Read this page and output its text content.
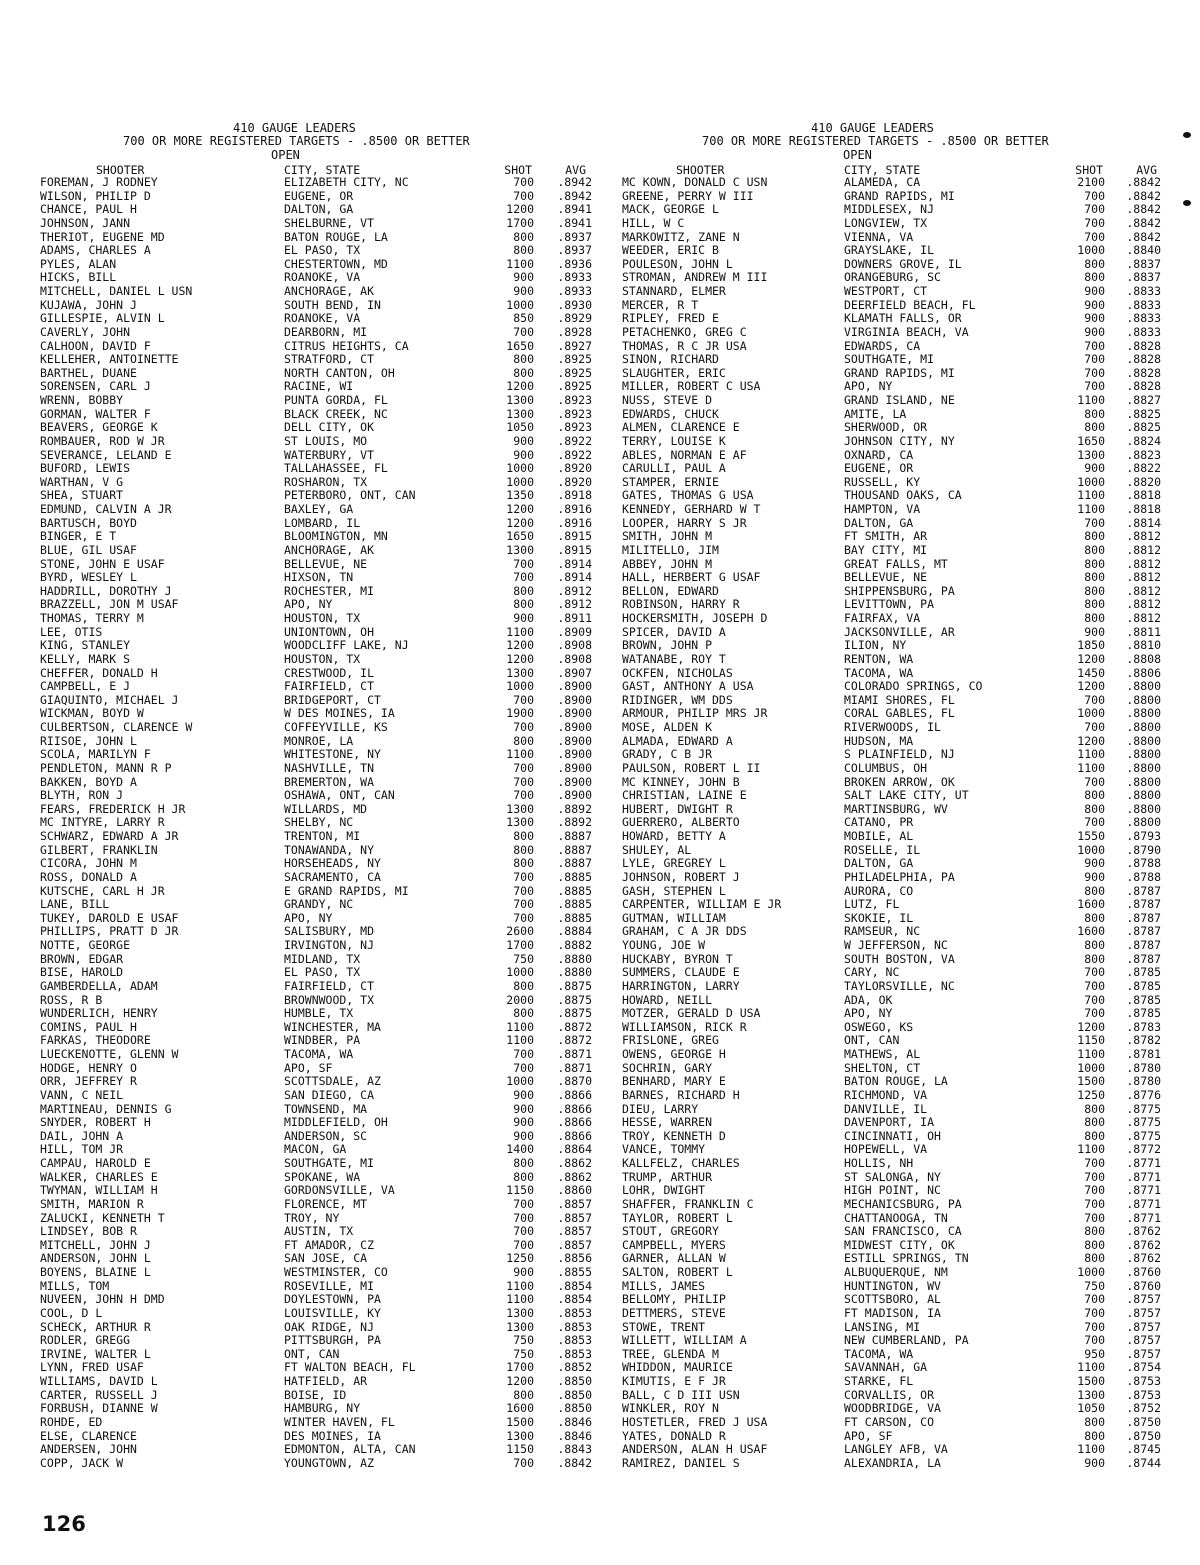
410 GAUGE LEADERS

700 OR MORE REGISTERED TARGETS - .8500 OR BETTER

OPEN

SHOOTER	CITY, STATE	SHOT	AVG
FOREMAN, J RODNEY	ELIZABETH CITY, NC	700 .8942
WILSON, PHILIP D	EUGENE, OR	700 .8942
CHANCE, PAUL H	DALTON, GA	1200 .8941
JOHNSON, JANN	SHELBURNE, VT	1700 .8941
THERIOT, EUGENE MD	BATON ROUGE, LA	800 .8937
ADAMS, CHARLES A	EL PASO, TX	800 .8937
PYLES, ALAN	CHESTERTOWN, MD	1100 .8936
HICKS, BILL	ROANOKE, VA	900 .8933
MITCHELL, DANIEL L USN	ANCHORAGE, AK	900 .8933
KUJAWA, JOHN J	SOUTH BEND, IN	1000 .8930
GILLESPIE, ALVIN L	ROANOKE, VA	850 .8929
CAVERLY, JOHN	DEARBORN, MI	700 .8928
CALHOON, DAVID F	CITRUS HEIGHTS, CA	1650 .8927
KELLEHER, ANTOINETTE	STRATFORD, CT	800 .8925
BARTHEL, DUANE	NORTH CANTON, OH	800 .8925
SORENSEN, CARL J	RACINE, WI	1200 .8925
WRENN, BOBBY	PUNTA GORDA, FL	1300 .8923
GORMAN, WALTER F	BLACK CREEK, NC	1300 .8923
BEAVERS, GEORGE K	DELL CITY, OK	1050 .8923
ROMBAUER, ROD W JR	ST LOUIS, MO	900 .8922
SEVERANCE, LELAND E	WATERBURY, VT	900 .8922
BUFORD, LEWIS	TALLAHASSEE, FL	1000 .8920
WARTHAN, V G	ROSHARON, TX	1000 .8920
SHEA, STUART	PETERBORO, ONT, CAN	1350 .8918
EDMUND, CALVIN A JR	BAXLEY, GA	1200 .8916
BARTUSCH, BOYD	LOMBARD, IL	1200 .8916
BINGER, E T	BLOOMINGTON, MN	1650 .8915
BLUE, GIL USAF	ANCHORAGE, AK	1300 .8915
STONE, JOHN E USAF	BELLEVUE, NE	700 .8914
BYRD, WESLEY L	HIXSON, TN	700 .8914
HADDRILL, DOROTHY J	ROCHESTER, MI	800 .8912
BRAZZELL, JON M USAF	APO, NY	800 .8912
THOMAS, TERRY M	HOUSTON, TX	900 .8911
LEE, OTIS	UNIONTOWN, OH	1100 .8909
KING, STANLEY	WOODCLIFF LAKE, NJ	1200 .8908
KELLY, MARK S	HOUSTON, TX	1200 .8908
CHEFFER, DONALD H	CRESTWOOD, IL	1300 .8907
CAMPBELL, E J	FAIRFIELD, CT	1000 .8900
GIAQUINTO, MICHAEL J	BRIDGEPORT, CT	700 .8900
WICKMAN, BOYD W	W DES MOINES, IA	1900 .8900
CULBERTSON, CLARENCE W	COFFEYVILLE, KS	700 .8900
RIISOE, JOHN L	MONROE, LA	800 .8900
SCOLA, MARILYN F	WHITESTONE, NY	1100 .8900
PENDLETON, MANN R P	NASHVILLE, TN	700 .8900
BAKKEN, BOYD A	BREMERTON, WA	700 .8900
BLYTH, RON J	OSHAWA, ONT, CAN	700 .8900
FEARS, FREDERICK H JR	WILLARDS, MD	1300 .8892
MC INTYRE, LARRY R	SHELBY, NC	1300 .8892
SCHWARZ, EDWARD A JR	TRENTON, MI	800 .8887
GILBERT, FRANKLIN	TONAWANDA, NY	800 .8887
CICORA, JOHN M	HORSEHEADS, NY	800 .8887
ROSS, DONALD A	SACRAMENTO, CA	700 .8885
KUTSCHE, CARL H JR	E GRAND RAPIDS, MI	700 .8885
LANE, BILL	GRANDY, NC	700 .8885
TUKEY, DAROLD E USAF	APO, NY	700 .8885
PHILLIPS, PRATT D JR	SALISBURY, MD	2600 .8884
NOTTE, GEORGE	IRVINGTON, NJ	1700 .8882
BROWN, EDGAR	MIDLAND, TX	750 .8880
BISE, HAROLD	EL PASO, TX	1000 .8880
GAMBERDELLA, ADAM	FAIRFIELD, CT	800 .8875
ROSS, R B	BROWNWOOD, TX	2000 .8875
WUNDERLICH, HENRY	HUMBLE, TX	800 .8875
COMINS, PAUL H	WINCHESTER, MA	1100 .8872
FARKAS, THEODORE	WINDBER, PA	1100 .8872
LUECKENOTTE, GLENN W	TACOMA, WA	700 .8871
HODGE, HENRY O	APO, SF	700 .8871
ORR, JEFFREY R	SCOTTSDALE, AZ	1000 .8870
VANN, C NEIL	SAN DIEGO, CA	900 .8866
MARTINEAU, DENNIS G	TOWNSEND, MA	900 .8866
SNYDER, ROBERT H	MIDDLEFIELD, OH	900 .8866
DAIL, JOHN A	ANDERSON, SC	900 .8866
HILL, TOM JR	MACON, GA	1400 .8864
CAMPAU, HAROLD E	SOUTHGATE, MI	800 .8862
WALKER, CHARLES E	SPOKANE, WA	800 .8862
TWYMAN, WILLIAM H	GORDONSVILLE, VA	1150 .8860
SMITH, MARION R	FLORENCE, MT	700 .8857
ZALUCKI, KENNETH T	TROY, NY	700 .8857
LINDSEY, BOB R	AUSTIN, TX	700 .8857
MITCHELL, JOHN J	FT AMADOR, CZ	700 .8857
ANDERSON, JOHN L	SAN JOSE, CA	1250 .8856
BOYENS, BLAINE L	WESTMINSTER, CO	900 .8855
MILLS, TOM	ROSEVILLE, MI	1100 .8854
NUVEEN, JOHN H DMD	DOYLESTOWN, PA	1100 .8854
COOL, D L	LOUISVILLE, KY	1300 .8853
SCHECK, ARTHUR R	OAK RIDGE, NJ	1300 .8853
RODLER, GREGG	PITTSBURGH, PA	750 .8853
IRVINE, WALTER L	ONT, CAN	750 .8853
LYNN, FRED USAF	FT WALTON BEACH, FL	1700 .8852
WILLIAMS, DAVID L	HATFIELD, AR	1200 .8850
CARTER, RUSSELL J	BOISE, ID	800 .8850
FORBUSH, DIANNE W	HAMBURG, NY	1600 .8850
ROHDE, ED	WINTER HAVEN, FL	1500 .8846
ELSE, CLARENCE	DES MOINES, IA	1300 .8846
ANDERSEN, JOHN	EDMONTON, ALTA, CAN	1150 .8843
COPP, JACK W	YOUNGTOWN, AZ	700 .8842

410 GAUGE LEADERS

700 OR MORE REGISTERED TARGETS - .8500 OR BETTER

OPEN

SHOOTER	CITY, STATE	SHOT	AVG
MC KOWN, DONALD C USN	ALAMEDA, CA	2100 .8842
GREENE, PERRY W III	GRAND RAPIDS, MI	700 .8842
MACK, GEORGE L	MIDDLESEX, NJ	700 .8842
HILL, W C	LONGVIEW, TX	700 .8842
MARKOWITZ, ZANE N	VIENNA, VA	700 .8842
WEEDER, ERIC B	GRAYSLAKE, IL	1000 .8840
POULESON, JOHN L	DOWNERS GROVE, IL	800 .8837
STROMAN, ANDREW M III	ORANGEBURG, SC	800 .8837
STANNARD, ELMER	WESTPORT, CT	900 .8833
MERCER, R T	DEERFIELD BEACH, FL	900 .8833
RIPLEY, FRED E	KLAMATH FALLS, OR	900 .8833
PETACHENKO, GREG C	VIRGINIA BEACH, VA	900 .8833
THOMAS, R C JR USA	EDWARDS, CA	700 .8828
SINON, RICHARD	SOUTHGATE, MI	700 .8828
SLAUGHTER, ERIC	GRAND RAPIDS, MI	700 .8828
MILLER, ROBERT C USA	APO, NY	700 .8828
NUSS, STEVE D	GRAND ISLAND, NE	1100 .8827
EDWARDS, CHUCK	AMITE, LA	800 .8825
ALMEN, CLARENCE E	SHERWOOD, OR	800 .8825
TERRY, LOUISE K	JOHNSON CITY, NY	1650 .8824
ABLES, NORMAN E AF	OXNARD, CA	1300 .8823
CARULLI, PAUL A	EUGENE, OR	900 .8822
STAMPER, ERNIE	RUSSELL, KY	1000 .8820
GATES, THOMAS G USA	THOUSAND OAKS, CA	1100 .8818
KENNEDY, GERHARD W T	HAMPTON, VA	1100 .8818
LOOPER, HARRY S JR	DALTON, GA	700 .8814
SMITH, JOHN M	FT SMITH, AR	800 .8812
MILITELLO, JIM	BAY CITY, MI	800 .8812
ABBEY, JOHN M	GREAT FALLS, MT	800 .8812
HALL, HERBERT G USAF	BELLEVUE, NE	800 .8812
BELLON, EDWARD	SHIPPENSBURG, PA	800 .8812
ROBINSON, HARRY R	LEVITTOWN, PA	800 .8812
HOCKERSMITH, JOSEPH D	FAIRFAX, VA	800 .8812
SPICER, DAVID A	JACKSONVILLE, AR	900 .8811
BROWN, JOHN P	ILION, NY	1850 .8810
WATANABE, ROY T	RENTON, WA	1200 .8808
OCKFEN, NICHOLAS	TACOMA, WA	1450 .8806
GAST, ANTHONY A USA	COLORADO SPRINGS, CO	1200 .8800
RIDINGER, WM DDS	MIAMI SHORES, FL	700 .8800
ARMOUR, PHILIP MRS JR	CORAL GABLES, FL	1000 .8800
MOSE, ALDEN K	RIVERWOODS, IL	700 .8800
ALMADA, EDWARD A	HUDSON, MA	1200 .8800
GRADY, C B JR	S PLAINFIELD, NJ	1100 .8800
PAULSON, ROBERT L II	COLUMBUS, OH	1100 .8800
MC KINNEY, JOHN B	BROKEN ARROW, OK	700 .8800
CHRISTIAN, LAINE E	SALT LAKE CITY, UT	800 .8800
HUBERT, DWIGHT R	MARTINSBURG, WV	800 .8800
GUERRERO, ALBERTO	CATANO, PR	700 .8800
HOWARD, BETTY A	MOBILE, AL	1550 .8793
SHULEY, AL	ROSELLE, IL	1000 .8790
LYLE, GREGREY L	DALTON, GA	900 .8788
JOHNSON, ROBERT J	PHILADELPHIA, PA	900 .8788
GASH, STEPHEN L	AURORA, CO	800 .8787
CARPENTER, WILLIAM E JR	LUTZ, FL	1600 .8787
GUTMAN, WILLIAM	SKOKIE, IL	800 .8787
GRAHAM, C A JR DDS	RAMSEUR, NC	1600 .8787
YOUNG, JOE W	W JEFFERSON, NC	800 .8787
HUCKABY, BYRON T	SOUTH BOSTON, VA	800 .8787
SUMMERS, CLAUDE E	CARY, NC	700 .8785
HARRINGTON, LARRY	TAYLORSVILLE, NC	700 .8785
HOWARD, NEILL	ADA, OK	700 .8785
MOTZER, GERALD D USA	APO, NY	700 .8785
WILLIAMSON, RICK R	OSWEGO, KS	1200 .8783
FRISLONE, GREG	ONT, CAN	1150 .8782
OWENS, GEORGE H	MATHEWS, AL	1100 .8781
SOCHRIN, GARY	SHELTON, CT	1000 .8780
BENHARD, MARY E	BATON ROUGE, LA	1500 .8780
BARNES, RICHARD H	RICHMOND, VA	1250 .8776
DIEU, LARRY	DANVILLE, IL	800 .8775
HESSE, WARREN	DAVENPORT, IA	800 .8775
TROY, KENNETH D	CINCINNATI, OH	800 .8775
VANCE, TOMMY	HOPEWELL, VA	1100 .8772
KALLFELZ, CHARLES	HOLLIS, NH	700 .8771
TRUMP, ARTHUR	ST SALONGA, NY	700 .8771
LOHR, DWIGHT	HIGH POINT, NC	700 .8771
SHAFFER, FRANKLIN C	MECHANICSBURG, PA	700 .8771
TAYLOR, ROBERT L	CHATTANOOGA, TN	700 .8771
STOUT, GREGORY	SAN FRANCISCO, CA	800 .8762
CAMPBELL, MYERS	MIDWEST CITY, OK	800 .8762
GARNER, ALLAN W	ESTILL SPRINGS, TN	800 .8762
SALTON, ROBERT L	ALBUQUERQUE, NM	1000 .8760
MILLS, JAMES	HUNTINGTON, WV	750 .8760
BELLOMY, PHILIP	SCOTTSBORO, AL	700 .8757
DETTMERS, STEVE	FT MADISON, IA	700 .8757
STOWE, TRENT	LANSING, MI	700 .8757
WILLETT, WILLIAM A	NEW CUMBERLAND, PA	700 .8757
TREE, GLENDA M	TACOMA, WA	950 .8757
WHIDDON, MAURICE	SAVANNAH, GA	1100 .8754
KIMUTIS, E F JR	STARKE, FL	1500 .8753
BALL, C D III USN	CORVALLIS, OR	1300 .8753
WINKLER, ROY N	WOODBRIDGE, VA	1050 .8752
HOSTETLER, FRED J USA	FT CARSON, CO	800 .8750
YATES, DONALD R	APO, SF	800 .8750
ANDERSON, ALAN H USAF	LANGLEY AFB, VA	1100 .8745
RAMIREZ, DANIEL S	ALEXANDRIA, LA	900 .8744
126
